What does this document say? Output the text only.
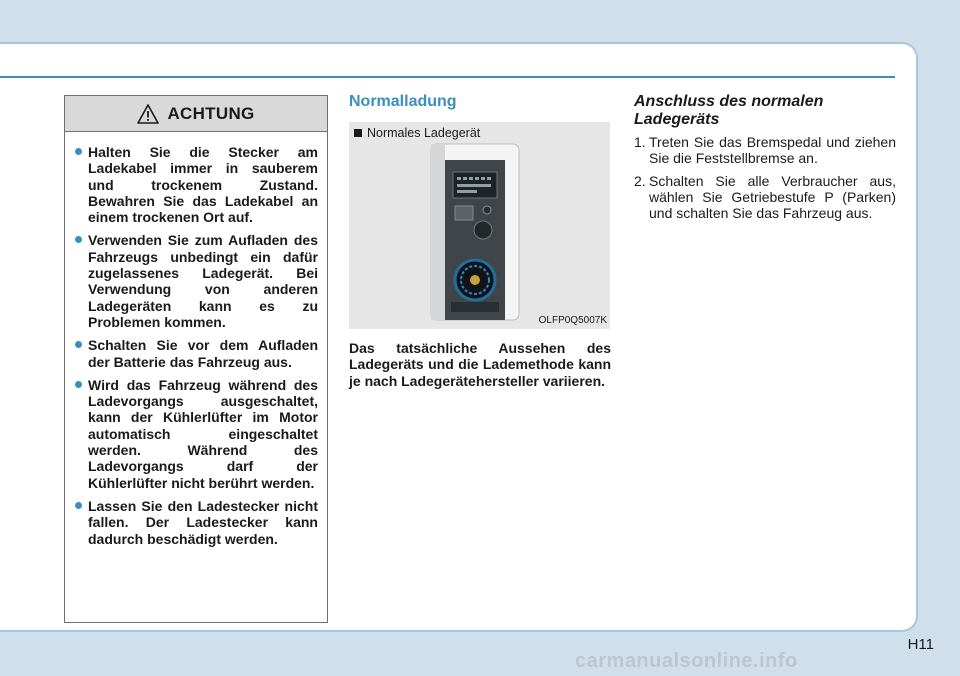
ACHTUNG
Halten Sie die Stecker am Ladekabel immer in sauberem und trockenem Zustand. Bewahren Sie das Ladekabel an einem trockenen Ort auf.
Verwenden Sie zum Aufladen des Fahrzeugs unbedingt ein dafür zugelassenes Ladegerät. Bei Verwendung von anderen Ladegeräten kann es zu Problemen kommen.
Schalten Sie vor dem Aufladen der Batterie das Fahrzeug aus.
Wird das Fahrzeug während des Ladevorgangs ausgeschaltet, kann der Kühlerlüfter im Motor automatisch eingeschaltet werden. Während des Ladevorgangs darf der Kühlerlüfter nicht berührt werden.
Lassen Sie den Ladestecker nicht fallen. Der Ladestecker kann dadurch beschädigt werden.
Normalladung
Normales Ladegerät
OLFP0Q5007K
Das tatsächliche Aussehen des Ladegeräts und die Lademethode kann je nach Ladegerätehersteller variieren.
Anschluss des normalen Ladegeräts
1. Treten Sie das Bremspedal und ziehen Sie die Feststellbremse an.
2. Schalten Sie alle Verbraucher aus, wählen Sie Getriebestufe P (Parken) und schalten Sie das Fahrzeug aus.
H11
carmanualsonline.info
